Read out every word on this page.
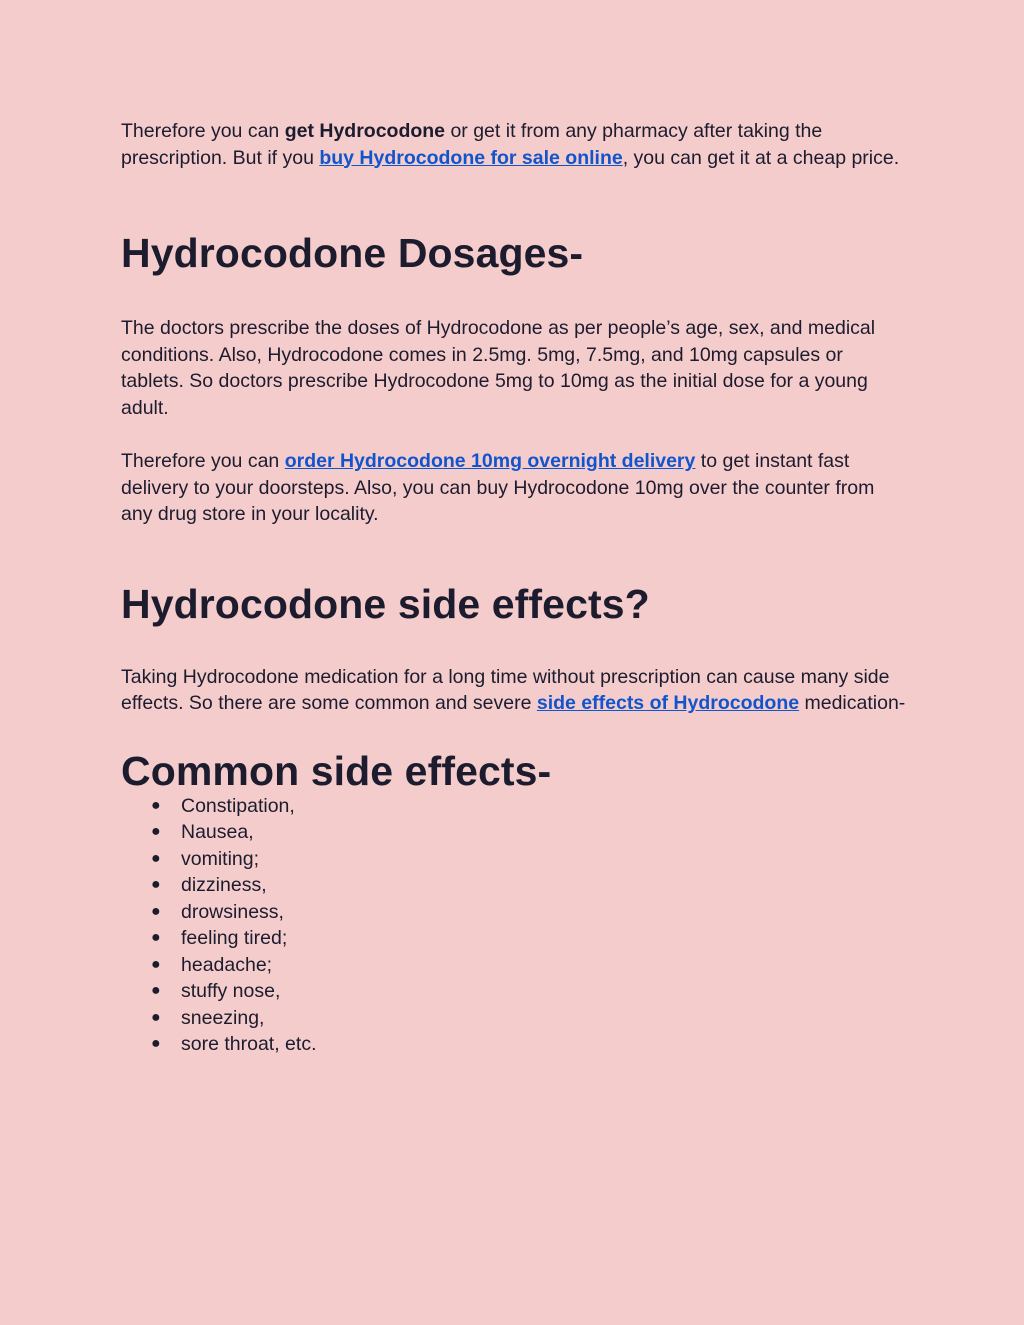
Therefore you can get Hydrocodone or get it from any pharmacy after taking the prescription. But if you buy Hydrocodone for sale online, you can get it at a cheap price.

Hydrocodone Dosages-

The doctors prescribe the doses of Hydrocodone as per people’s age, sex, and medical conditions. Also, Hydrocodone comes in 2.5mg. 5mg, 7.5mg, and 10mg capsules or tablets. So doctors prescribe Hydrocodone 5mg to 10mg as the initial dose for a young adult.

Therefore you can order Hydrocodone 10mg overnight delivery to get instant fast delivery to your doorsteps. Also, you can buy Hydrocodone 10mg over the counter from any drug store in your locality.

Hydrocodone side effects?

Taking Hydrocodone medication for a long time without prescription can cause many side effects. So there are some common and severe side effects of Hydrocodone medication-

Common side effects-
● Constipation,
● Nausea,
● vomiting;
● dizziness,
● drowsiness,
● feeling tired;
● headache;
● stuffy nose,
● sneezing,
● sore throat, etc.
